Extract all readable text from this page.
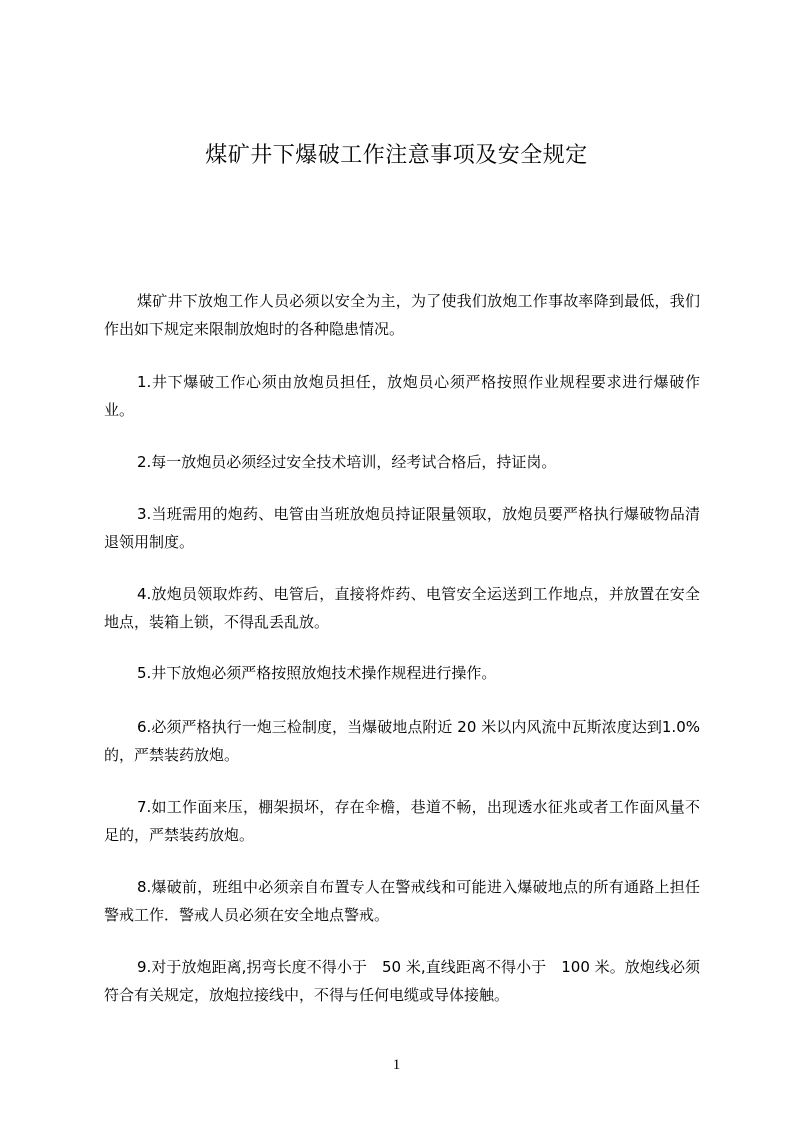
煤矿井下爆破工作注意事项及安全规定

煤矿井下放炮工作人员必须以安全为主，为了使我们放炮工作事故率降到最低，我们作出如下规定来限制放炮时的各种隐患情况。

1.井下爆破工作心须由放炮员担任，放炮员心须严格按照作业规程要求进行爆破作业。

2.每一放炮员必须经过安全技术培训，经考试合格后，持证岗。

3.当班需用的炮药、电管由当班放炮员持证限量领取，放炮员要严格执行爆破物品清退领用制度。

4.放炮员领取炸药、电管后，直接将炸药、电管安全运送到工作地点，并放置在安全地点，装箱上锁，不得乱丢乱放。

5.井下放炮必须严格按照放炮技术操作规程进行操作。

6.必须严格执行一炮三检制度，当爆破地点附近 20 米以内风流中瓦斯浓度达到1.0%的，严禁装药放炮。

7.如工作面来压，棚架损坏，存在伞檐，巷道不畅，出现透水征兆或者工作面风量不足的，严禁装药放炮。

8.爆破前，班组中必须亲自布置专人在警戒线和可能进入爆破地点的所有通路上担任警戒工作．警戒人员必须在安全地点警戒。

9.对于放炮距离,拐弯长度不得小于　50 米,直线距离不得小于　100 米。放炮线必须符合有关规定，放炮拉接线中，不得与任何电缆或导体接触。

1
